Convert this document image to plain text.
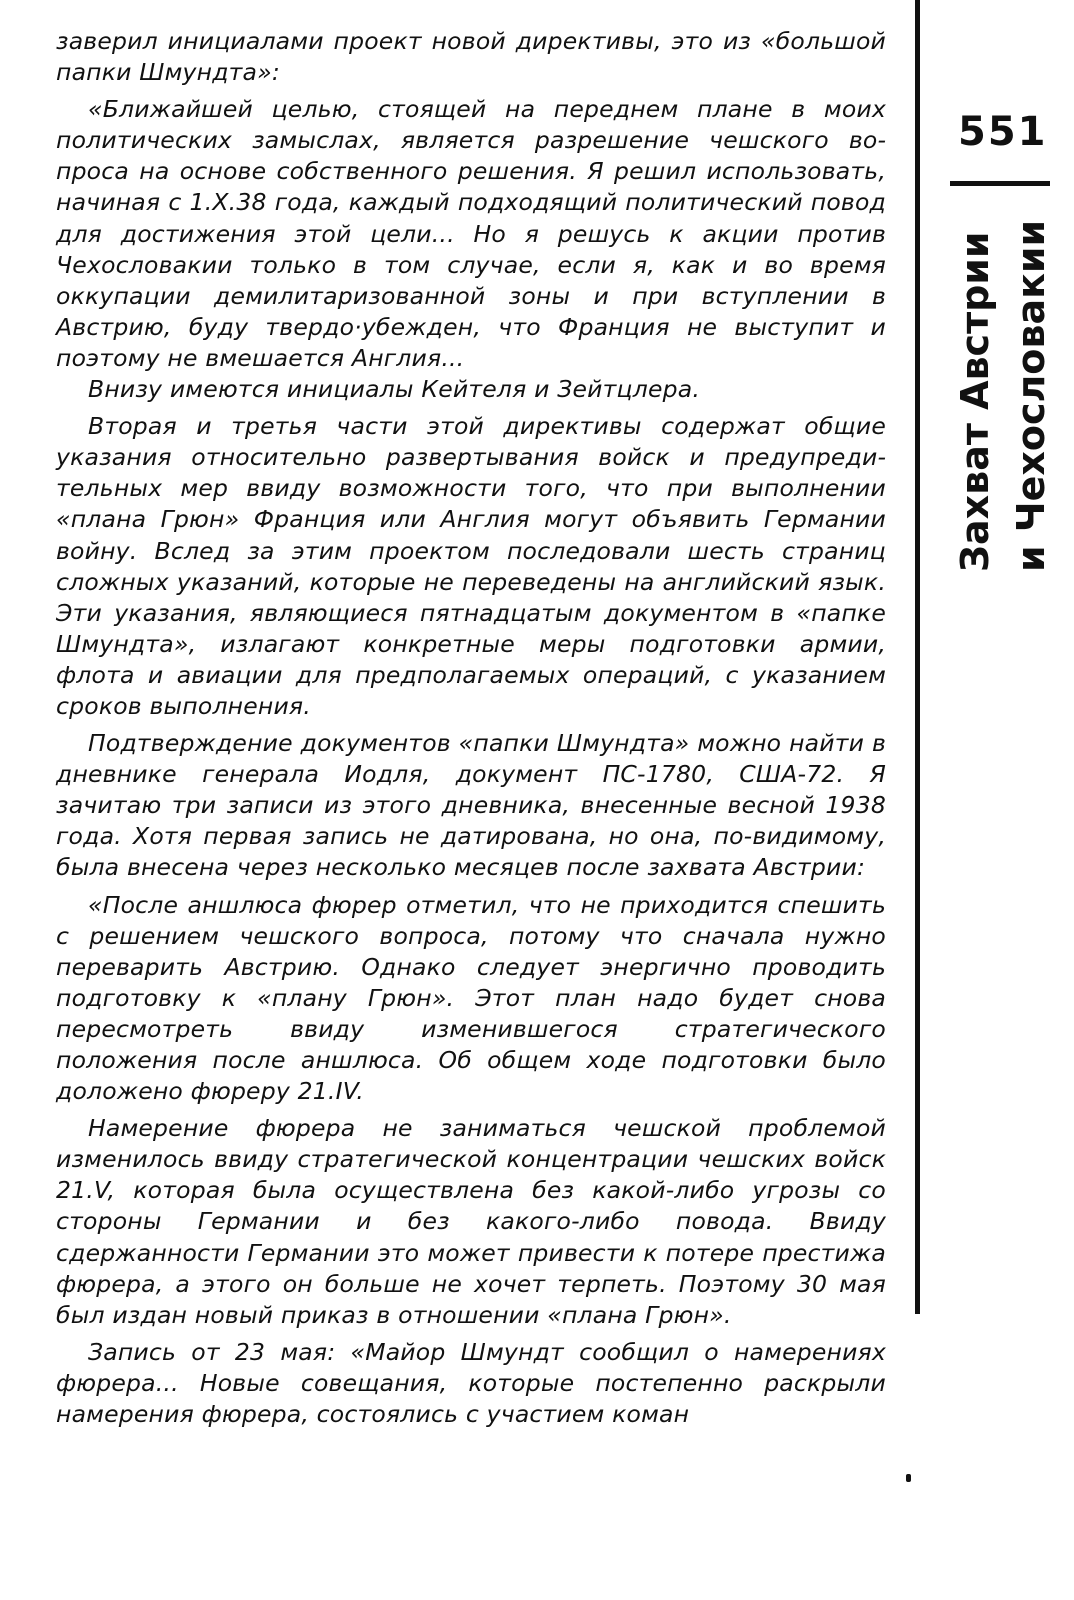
заверил инициалами проект новой директивы, это из «большой папки Шмундта»:

«Ближайшей целью, стоящей на переднем плане в моих политических замыслах, является разрешение чешского вопроса на основе собственного решения. Я решил использовать, начиная с 1.Х.38 года, каждый подходящий политический повод для достижения этой цели... Но я решусь к акции против Чехословакии только в том случае, если я, как и во время оккупации демилитаризованной зоны и при вступлении в Австрию, буду твердо·убежден, что Франция не выступит и поэтому не вмешается Англия...

Внизу имеются инициалы Кейтеля и Зейтцлера.

Вторая и третья части этой директивы содержат общие указания относительно развертывания войск и предупредительных мер ввиду возможности того, что при выполнении «плана Грюн» Франция или Англия могут объявить Германии войну. Вслед за этим проектом последовали шесть страниц сложных указаний, которые не переведены на английский язык. Эти указания, являющиеся пятнадцатым документом в «папке Шмундта», излагают конкретные меры подготовки армии, флота и авиации для предполагаемых операций, с указанием сроков выполнения.

Подтверждение документов «папки Шмундта» можно найти в дневнике генерала Иодля, документ ПС-1780, США-72. Я зачитаю три записи из этого дневника, внесенные весной 1938 года. Хотя первая запись не датирована, но она, по-видимому, была внесена через несколько месяцев после захвата Австрии:

«После аншлюса фюрер отметил, что не приходится спешить с решением чешского вопроса, потому что сначала нужно переварить Австрию. Однако следует энергично проводить подготовку к «плану Грюн». Этот план надо будет снова пересмотреть ввиду изменившегося стратегического положения после аншлюса. Об общем ходе подготовки было доложено фюреру 21.IV.

Намерение фюрера не заниматься чешской проблемой изменилось ввиду стратегической концентрации чешских войск 21.V, которая была осуществлена без какой-либо угрозы со стороны Германии и без какого-либо повода. Ввиду сдержанности Германии это может привести к потере престижа фюрера, а этого он больше не хочет терпеть. Поэтому 30 мая был издан новый приказ в отношении «плана Грюн».

Запись от 23 мая: «Майор Шмундт сообщил о намерениях фюрера... Новые совещания, которые постепенно раскрыли намерения фюрера, состоялись с участием коман

551
Захват Австрии и Чехословакии
